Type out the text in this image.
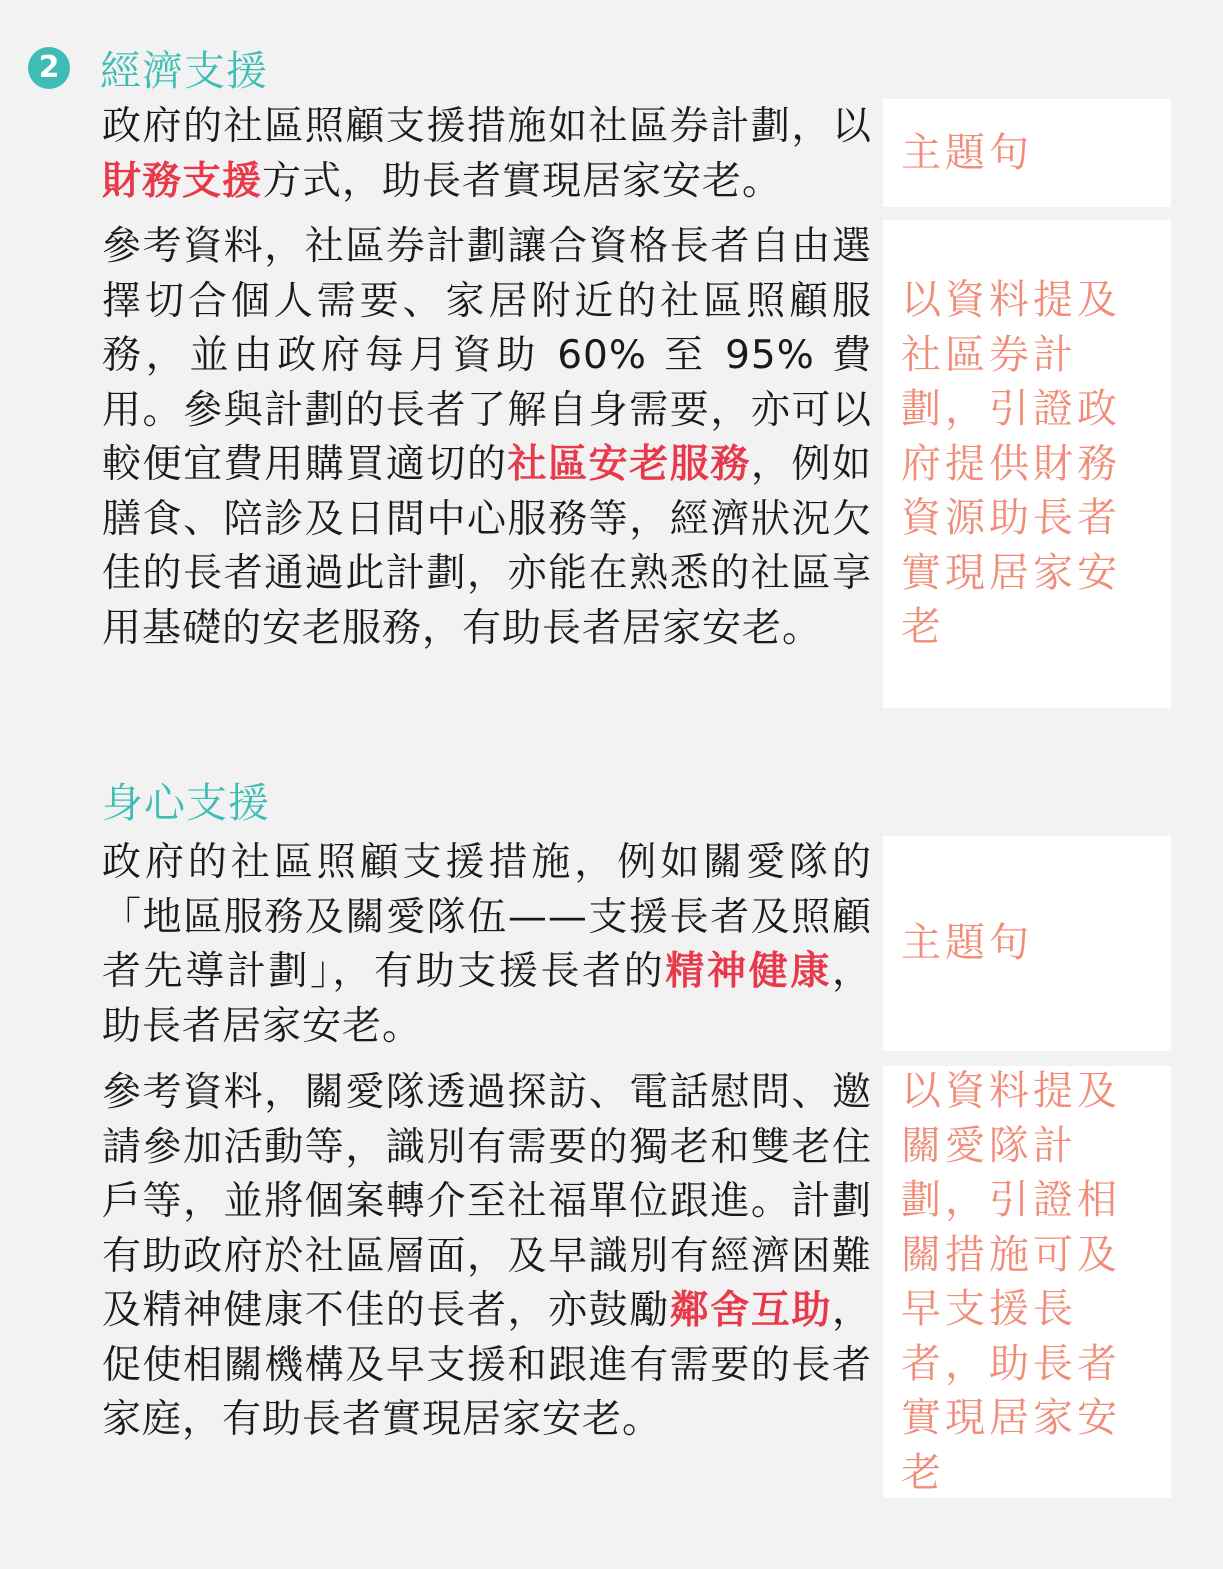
2 經濟支援

政府的社區照顧支援措施如社區券計劃，以財務支援方式，助長者實現居家安老。

主題句

參考資料，社區券計劃讓合資格長者自由選擇切合個人需要、家居附近的社區照顧服務，並由政府每月資助 60% 至 95% 費用。參與計劃的長者了解自身需要，亦可以較便宜費用購買適切的社區安老服務，例如膳食、陪診及日間中心服務等，經濟狀況欠佳的長者通過此計劃，亦能在熟悉的社區享用基礎的安老服務，有助長者居家安老。

以資料提及社區券計劃，引證政府提供財務資源助長者實現居家安老
身心支援

政府的社區照顧支援措施，例如關愛隊的「地區服務及關愛隊伍——支援長者及照顧者先導計劃」，有助支援長者的精神健康，助長者居家安老。

主題句

參考資料，關愛隊透過探訪、電話慰問、邀請參加活動等，識別有需要的獨老和雙老住戶等，並將個案轉介至社福單位跟進。計劃有助政府於社區層面，及早識別有經濟困難及精神健康不佳的長者，亦鼓勵鄰舍互助，促使相關機構及早支援和跟進有需要的長者家庭，有助長者實現居家安老。

以資料提及關愛隊計劃，引證相關措施可及早支援長者，助長者實現居家安老
